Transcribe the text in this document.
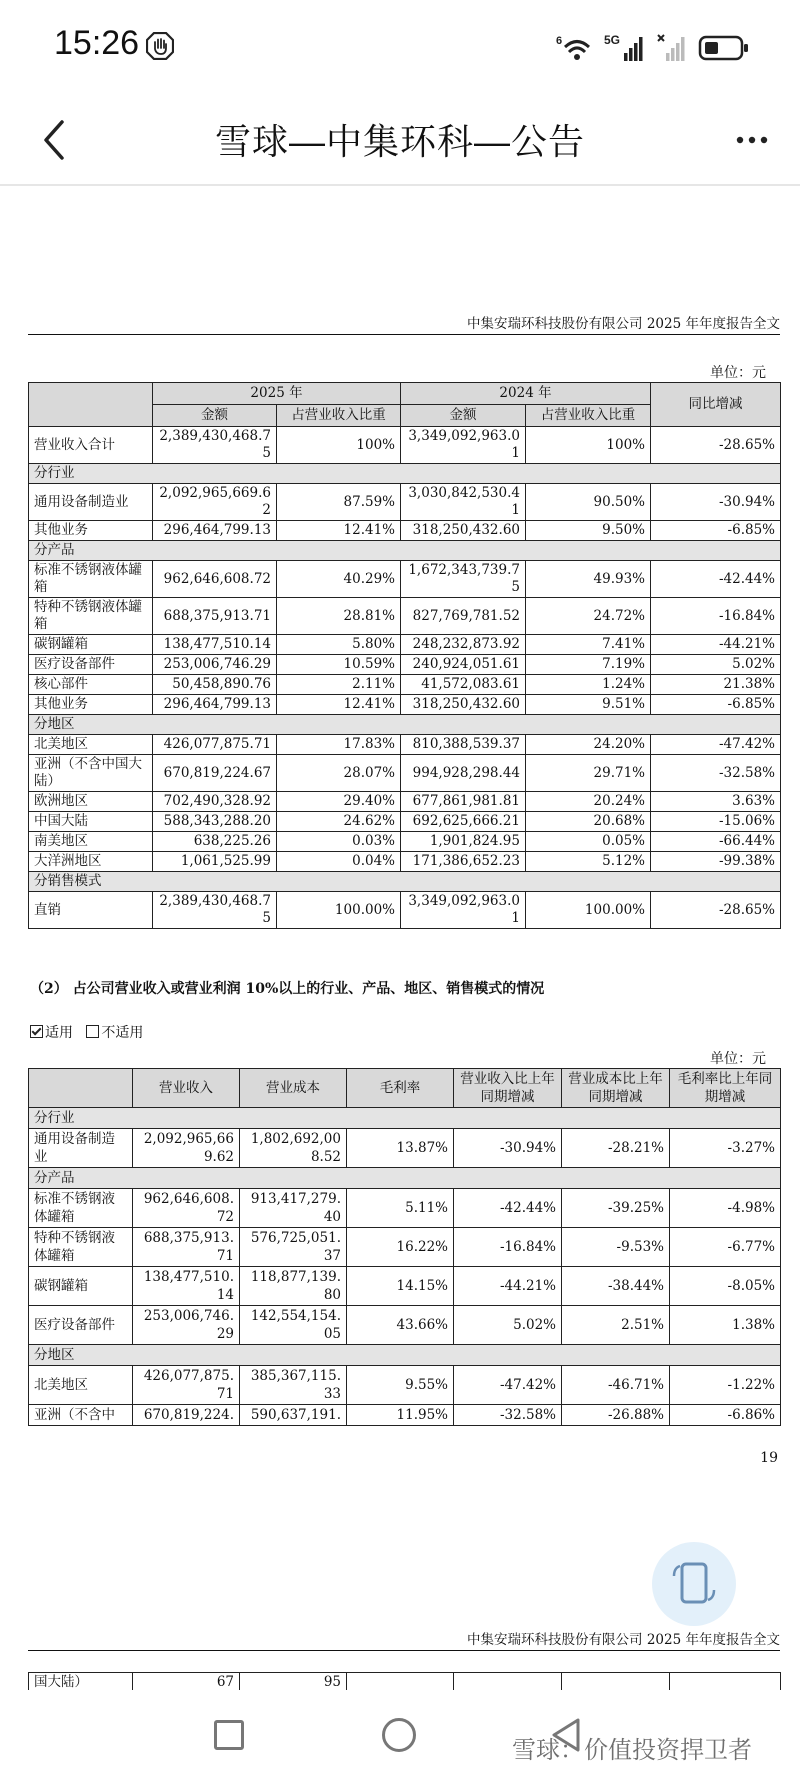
15:26	6	5G
雪球—中集环科—公告
中集安瑞环科技股份有限公司 2025 年年度报告全文
单位：元
	2025 年		2024 年		同比增减
	金额	占营业收入比重	金额	占营业收入比重	
营业收入合计	2,389,430,468.75	100%	3,349,092,963.01	100%	-28.65%
分行业					
通用设备制造业	2,092,965,669.62	87.59%	3,030,842,530.41	90.50%	-30.94%
其他业务	296,464,799.13	12.41%	318,250,432.60	9.50%	-6.85%
分产品					
标准不锈钢液体罐箱	962,646,608.72	40.29%	1,672,343,739.75	49.93%	-42.44%
特种不锈钢液体罐箱	688,375,913.71	28.81%	827,769,781.52	24.72%	-16.84%
碳钢罐箱	138,477,510.14	5.80%	248,232,873.92	7.41%	-44.21%
医疗设备部件	253,006,746.29	10.59%	240,924,051.61	7.19%	5.02%
核心部件	50,458,890.76	2.11%	41,572,083.61	1.24%	21.38%
其他业务	296,464,799.13	12.41%	318,250,432.60	9.51%	-6.85%
分地区					
北美地区	426,077,875.71	17.83%	810,388,539.37	24.20%	-47.42%
亚洲（不含中国大陆）	670,819,224.67	28.07%	994,928,298.44	29.71%	-32.58%
欧洲地区	702,490,328.92	29.40%	677,861,981.81	20.24%	3.63%
中国大陆	588,343,288.20	24.62%	692,625,666.21	20.68%	-15.06%
南美地区	638,225.26	0.03%	1,901,824.95	0.05%	-66.44%
大洋洲地区	1,061,525.99	0.04%	171,386,652.23	5.12%	-99.38%
分销售模式					
直销	2,389,430,468.75	100.00%	3,349,092,963.01	100.00%	-28.65%
（2） 占公司营业收入或营业利润 10%以上的行业、产品、地区、销售模式的情况
适用 不适用
单位：元
	营业收入	营业成本	毛利率	营业收入比上年同期增减	营业成本比上年同期增减	毛利率比上年同期增减
分行业						
通用设备制造业	2,092,965,669.62	1,802,692,008.52	13.87%	-30.94%	-28.21%	-3.27%
分产品						
标准不锈钢液体罐箱	962,646,608.72	913,417,279.40	5.11%	-42.44%	-39.25%	-4.98%
特种不锈钢液体罐箱	688,375,913.71	576,725,051.37	16.22%	-16.84%	-9.53%	-6.77%
碳钢罐箱	138,477,510.14	118,877,139.80	14.15%	-44.21%	-38.44%	-8.05%
医疗设备部件	253,006,746.29	142,554,154.05	43.66%	5.02%	2.51%	1.38%
分地区						
北美地区	426,077,875.71	385,367,115.33	9.55%	-47.42%	-46.71%	-1.22%
亚洲（不含中	670,819,224.	590,637,191.	11.95%	-32.58%	-26.88%	-6.86%
19
中集安瑞环科技股份有限公司 2025 年年度报告全文
国大陆）	67	95				
雪球：价值投资捍卫者
